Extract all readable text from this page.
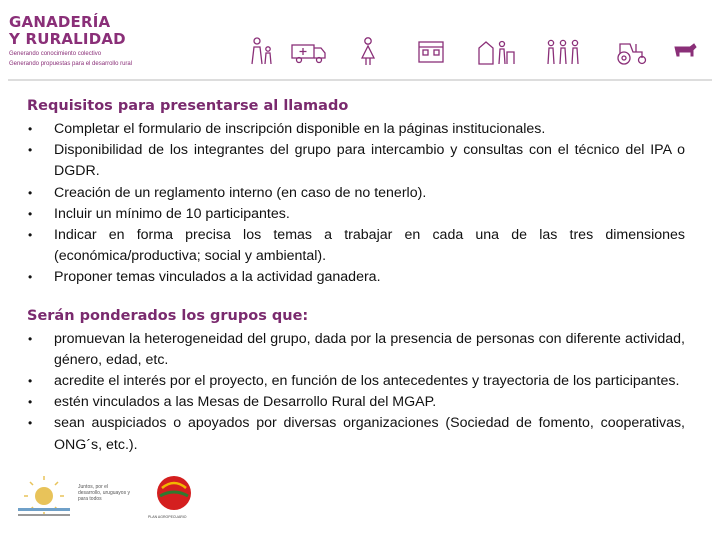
GANADERÍA
Y RURALIDAD
Generando conocimiento colectivo
Generando propuestas para el desarrollo rural
Requisitos para presentarse al llamado
• Completar el formulario de inscripción disponible en la páginas institucionales.
• Disponibilidad de los integrantes del grupo para intercambio y consultas con el técnico del IPA o DGDR.
• Creación de un reglamento interno (en caso de no tenerlo).
• Incluir un mínimo de 10 participantes.
• Indicar en forma precisa los temas a trabajar en cada una de las tres dimensiones (económica/productiva; social y ambiental).
• Proponer temas vinculados a la actividad ganadera.
Serán ponderados los grupos que:
• promuevan la heterogeneidad del grupo, dada por la presencia de personas con diferente actividad, género, edad, etc.
• acredite el interés por el proyecto, en función de los antecedentes y trayectoria de los participantes.
• estén vinculados a las Mesas de Desarrollo Rural del MGAP.
• sean auspiciados o apoyados por diversas organizaciones (Sociedad de fomento, cooperativas, ONG´s, etc.).
Juntos, por el desarrollo, uruguayos y para todos
PLAN AGROPECUARIO
